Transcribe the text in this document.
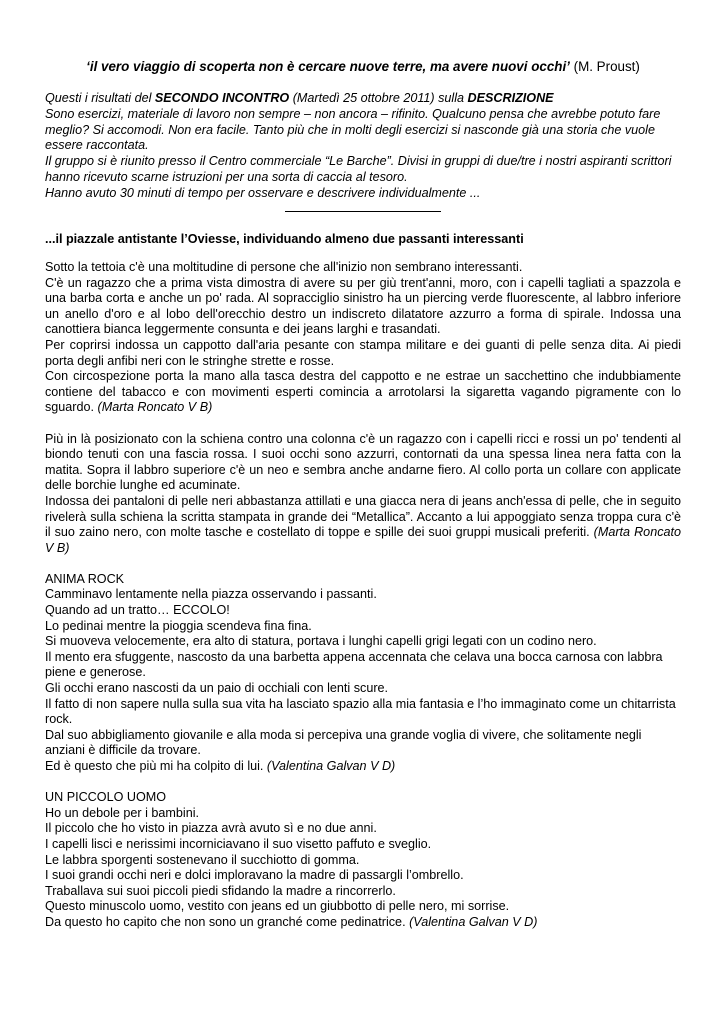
‘il vero viaggio di scoperta non è cercare nuove terre, ma avere nuovi occhi’ (M. Proust)

Questi i risultati del SECONDO INCONTRO (Martedì 25 ottobre 2011) sulla DESCRIZIONE

Sono esercizi, materiale di lavoro non sempre – non ancora – rifinito. Qualcuno pensa che avrebbe potuto fare meglio? Si accomodi. Non era facile. Tanto più che in molti degli esercizi si nasconde già una storia che vuole essere raccontata.

Il gruppo si è riunito presso il Centro commerciale “Le Barche”. Divisi in gruppi di due/tre i nostri aspiranti scrittori hanno ricevuto scarne istruzioni per una sorta di caccia al tesoro.

Hanno avuto 30 minuti di tempo per osservare e descrivere individualmente ...

...il piazzale antistante l’Oviesse, individuando almeno due passanti interessanti

Sotto la tettoia c'è una moltitudine di persone che all'inizio non sembrano interessanti.

C'è un ragazzo che a prima vista dimostra di avere su per giù trent'anni, moro, con i capelli tagliati a spazzola e una barba corta e anche un po' rada. Al sopracciglio sinistro ha un piercing verde fluorescente, al labbro inferiore un anello d'oro e al lobo dell'orecchio destro un indiscreto dilatatore azzurro a forma di spirale. Indossa una canottiera bianca leggermente consunta e dei jeans larghi e trasandati.

Per coprirsi indossa un cappotto dall'aria pesante con stampa militare e dei guanti di pelle senza dita. Ai piedi porta degli anfibi neri con le stringhe strette e rosse.

Con circospezione porta la mano alla tasca destra del cappotto e ne estrae un sacchettino che indubbiamente contiene del tabacco e con movimenti esperti comincia a arrotolarsi la sigaretta vagando pigramente con lo sguardo. (Marta Roncato V B)

Più in là posizionato con la schiena contro una colonna c'è un ragazzo con i capelli ricci e rossi un po' tendenti al biondo tenuti con una fascia rossa. I suoi occhi sono azzurri, contornati da una spessa linea nera fatta con la matita. Sopra il labbro superiore c'è un neo e sembra anche andarne fiero. Al collo porta un collare con applicate delle borchie lunghe ed acuminate.

Indossa dei pantaloni di pelle neri abbastanza attillati e una giacca nera di jeans anch'essa di pelle, che in seguito rivelerà sulla schiena la scritta stampata in grande dei “Metallica”. Accanto a lui appoggiato senza troppa cura c'è il suo zaino nero, con molte tasche e costellato di toppe e spille dei suoi gruppi musicali preferiti. (Marta Roncato V B)

ANIMA ROCK

Camminavo lentamente nella piazza osservando i passanti.

Quando ad un tratto… ECCOLO!

Lo pedinai mentre la pioggia scendeva fina fina.

Si muoveva velocemente, era alto di statura, portava i lunghi capelli grigi legati con un codino nero.

Il mento era sfuggente, nascosto da una barbetta appena accennata che celava una bocca carnosa con labbra piene e generose.

Gli occhi erano nascosti da un paio di occhiali con lenti scure.

Il fatto di non sapere nulla sulla sua vita ha lasciato spazio alla mia fantasia e l’ho immaginato come un chitarrista rock.

Dal suo abbigliamento giovanile e alla moda si percepiva una grande voglia di vivere, che solitamente negli anziani è difficile da trovare.

Ed è questo che più mi ha colpito di lui. (Valentina Galvan V D)

UN PICCOLO UOMO

Ho un debole per i bambini.

Il piccolo che ho visto in piazza avrà avuto sì e no due anni.

I capelli lisci e nerissimi incorniciavano il suo visetto paffuto e sveglio.

Le labbra sporgenti sostenevano il succhiotto di gomma.

I suoi grandi occhi neri e dolci imploravano la madre di passargli l’ombrello.

Traballava sui suoi piccoli piedi sfidando la madre a rincorrerlo.

Questo minuscolo uomo, vestito con jeans ed un giubbotto di pelle nero, mi sorrise.

Da questo ho capito che non sono un granché come pedinatrice. (Valentina Galvan V D)
